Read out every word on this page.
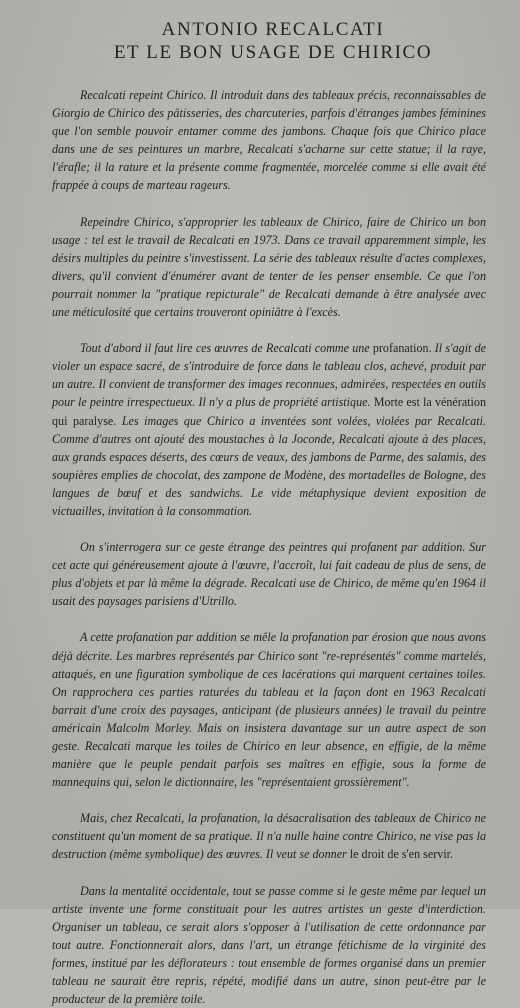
ANTONIO RECALCATI
ET LE BON USAGE DE CHIRICO

Recalcati repeint Chirico. Il introduit dans des tableaux précis, reconnaissables de Giorgio de Chirico des pâtisseries, des charcuteries, parfois d'étranges jambes féminines que l'on semble pouvoir entamer comme des jambons. Chaque fois que Chirico place dans une de ses peintures un marbre, Recalcati s'acharne sur cette statue; il la raye, l'érafle; il la rature et la présente comme fragmentée, morcelée comme si elle avait été frappée à coups de marteau rageurs.

Repeindre Chirico, s'approprier les tableaux de Chirico, faire de Chirico un bon usage : tel est le travail de Recalcati en 1973. Dans ce travail apparemment simple, les désirs multiples du peintre s'investissent. La série des tableaux résulte d'actes complexes, divers, qu'il convient d'énumérer avant de tenter de les penser ensemble. Ce que l'on pourrait nommer la "pratique repicturale" de Recalcati demande à être analysée avec une méticulosité que certains trouveront opiniâtre à l'excès.

Tout d'abord il faut lire ces œuvres de Recalcati comme une profanation. Il s'agit de violer un espace sacré, de s'introduire de force dans le tableau clos, achevé, produit par un autre. Il convient de transformer des images reconnues, admirées, respectées en outils pour le peintre irrespectueux. Il n'y a plus de propriété artistique. Morte est la vénération qui paralyse. Les images que Chirico a inventées sont volées, violées par Recalcati. Comme d'autres ont ajouté des moustaches à la Joconde, Recalcati ajoute à des places, aux grands espaces déserts, des cœurs de veaux, des jambons de Parme, des salamis, des soupières emplies de chocolat, des zampone de Modène, des mortadelles de Bologne, des langues de bœuf et des sandwichs. Le vide métaphysique devient exposition de victuailles, invitation à la consommation.

On s'interrogera sur ce geste étrange des peintres qui profanent par addition. Sur cet acte qui généreusement ajoute à l'œuvre, l'accroît, lui fait cadeau de plus de sens, de plus d'objets et par là même la dégrade. Recalcati use de Chirico, de même qu'en 1964 il usait des paysages parisiens d'Utrillo.

A cette profanation par addition se mêle la profanation par érosion que nous avons déjà décrite. Les marbres représentés par Chirico sont "re-représentés" comme martelés, attaqués, en une figuration symbolique de ces lacérations qui marquent certaines toiles. On rapprochera ces parties raturées du tableau et la façon dont en 1963 Recalcati barrait d'une croix des paysages, anticipant (de plusieurs années) le travail du peintre américain Malcolm Morley. Mais on insistera davantage sur un autre aspect de son geste. Recalcati marque les toiles de Chirico en leur absence, en effigie, de la même manière que le peuple pendait parfois ses maîtres en effigie, sous la forme de mannequins qui, selon le dictionnaire, les "représentaient grossièrement".

Mais, chez Recalcati, la profanation, la désacralisation des tableaux de Chirico ne constituent qu'un moment de sa pratique. Il n'a nulle haine contre Chirico, ne vise pas la destruction (même symbolique) des œuvres. Il veut se donner le droit de s'en servir.

Dans la mentalité occidentale, tout se passe comme si le geste même par lequel un artiste invente une forme constituait pour les autres artistes un geste d'interdiction. Organiser un tableau, ce serait alors s'opposer à l'utilisation de cette ordonnance par tout autre. Fonctionnerait alors, dans l'art, un étrange fétichisme de la virginité des formes, institué par les déflorateurs : tout ensemble de formes organisé dans un premier tableau ne saurait être repris, répété, modifié dans un autre, sinon peut-être par le producteur de la première toile.
